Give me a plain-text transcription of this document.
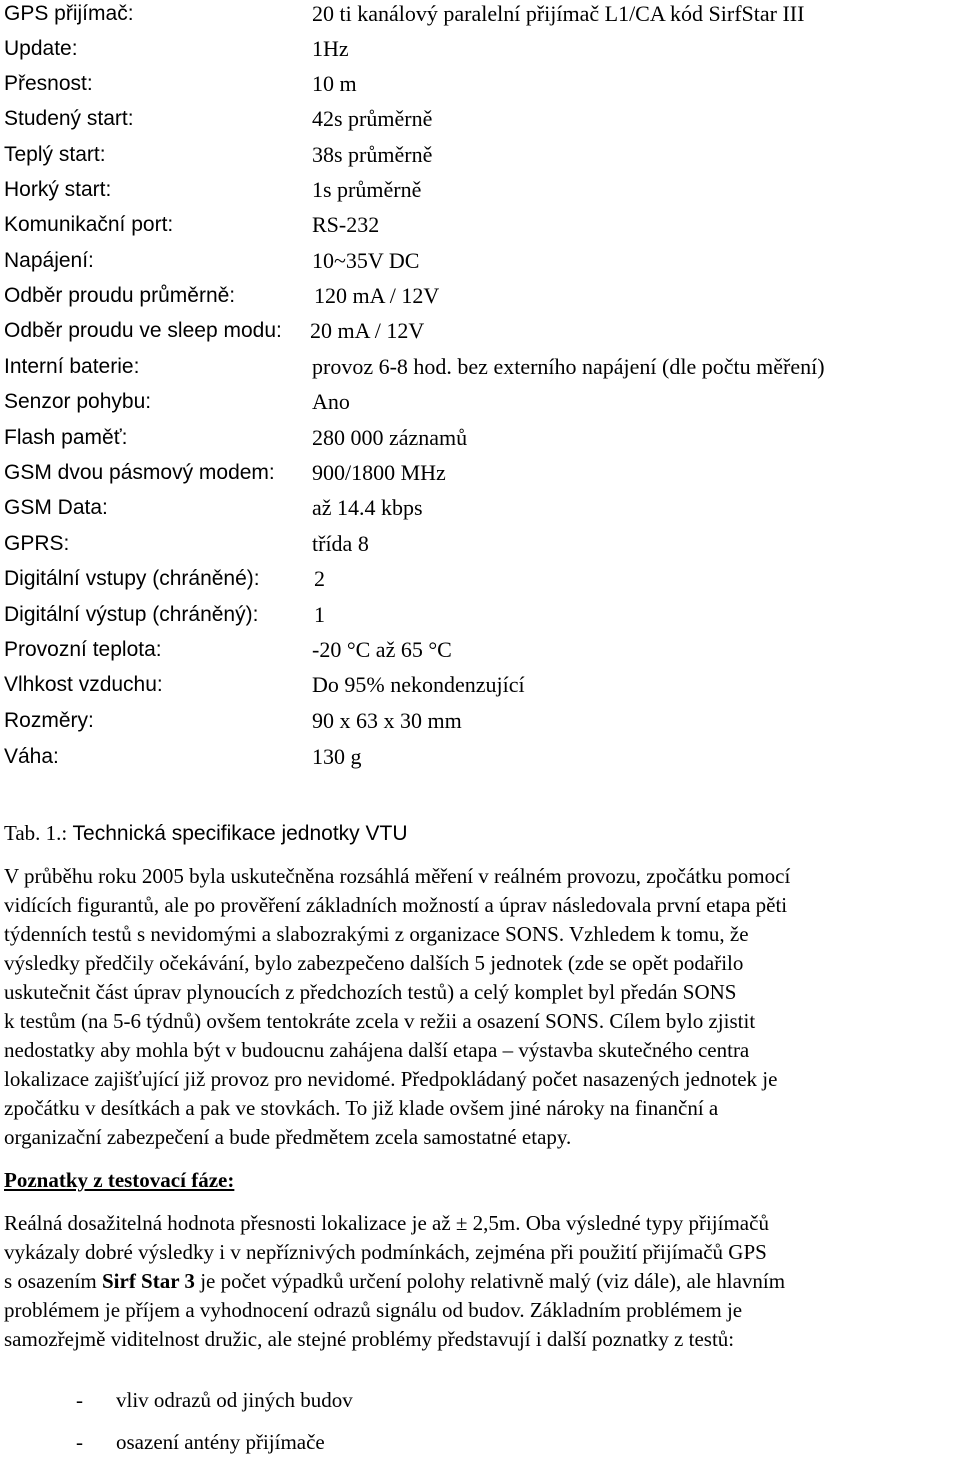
GPS přijímač:	20 ti kanálový paralelní přijímač L1/CA kód SirfStar III
Update:	1Hz
Přesnost:	10 m
Studený start:	42s průměrně
Teplý start:	38s průměrně
Horký start:	1s průměrně
Komunikační port:	RS-232
Napájení:	10~35V DC
Odběr proudu průměrně:	120 mA / 12V
Odběr proudu ve sleep modu: 20 mA / 12V
Interní baterie:	provoz 6-8 hod. bez externího napájení (dle počtu měření)
Senzor pohybu:	Ano
Flash paměť:	280 000 záznamů
GSM dvou pásmový modem: 900/1800 MHz
GSM Data:	až 14.4 kbps
GPRS:	třída 8
Digitální vstupy (chráněné): 2
Digitální výstup (chráněný):	1
Provozní teplota:	-20 °C až 65 °C
Vlhkost vzduchu:	Do 95% nekondenzující
Rozměry:	90 x 63 x 30 mm
Váha:	130 g
Tab. 1.: Technická specifikace jednotky VTU
V průběhu roku 2005 byla uskutečněna rozsáhlá měření v reálném provozu, zpočátku pomocí
vidících figurantů, ale po prověření základních možností a úprav následovala první etapa pěti
týdenních testů s nevidomými a slabozrakými z organizace SONS. Vzhledem k tomu, že
výsledky předčily očekávání, bylo zabezpečeno dalších 5 jednotek (zde se opět podařilo
uskutečnit část úprav plynoucích z předchozích testů) a celý komplet byl předán SONS
k testům (na 5-6 týdnů) ovšem tentokráte zcela v režii a osazení SONS. Cílem bylo zjistit
nedostatky aby mohla být v budoucnu zahájena další etapa – výstavba skutečného centra
lokalizace zajišťující již provoz pro nevidomé. Předpokládaný počet nasazených jednotek je
zpočátku v desítkách a pak ve stovkách. To již klade ovšem jiné nároky na finanční a
organizační zabezpečení a bude předmětem zcela samostatné etapy.
Poznatky z testovací fáze:
Reálná dosažitelná hodnota přesnosti lokalizace je až ± 2,5m. Oba výsledné typy přijímačů
vykázaly dobré výsledky i v nepříznivých podmínkách, zejména při použití přijímačů GPS
s osazením Sirf Star 3 je počet výpadků určení polohy relativně malý (viz dále), ale hlavním
problémem je příjem a vyhodnocení odrazů signálu od budov. Základním problémem je
samozřejmě viditelnost družic, ale stejné problémy představují i další poznatky z testů:
- vliv odrazů od jiných budov
- osazení antény přijímače
